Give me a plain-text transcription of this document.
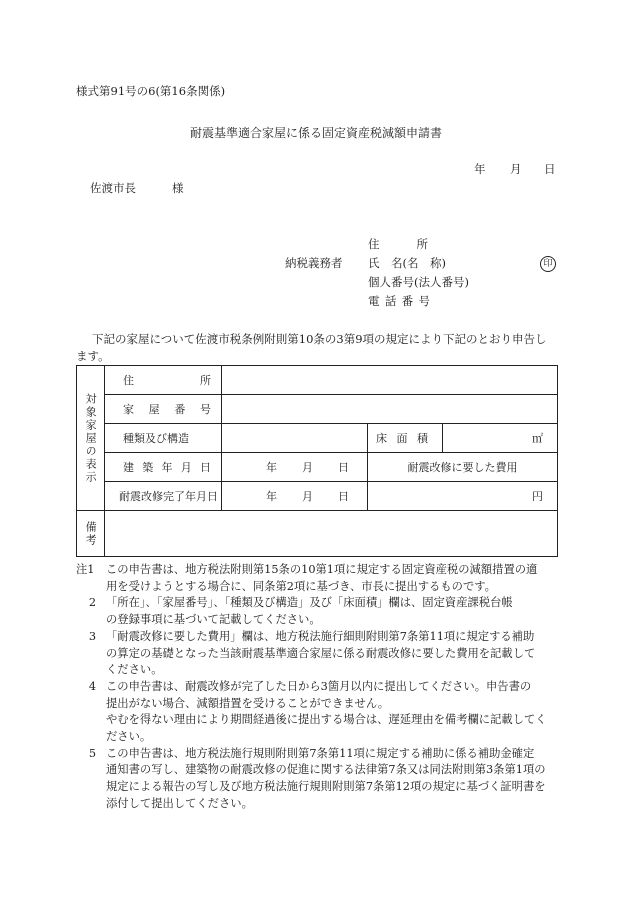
様式第91号の6(第16条関係)
耐震基準適合家屋に係る固定資産税減額申請書
年 月 日
佐渡市長	様
納税義務者
住	所
氏　名(名　称)	印
個人番号(法人番号)
電 話 番 号
下記の家屋について佐渡市税条例附則第10条の3第9項の規定により下記のとおり申告し
ます。
対象家屋の表示	住 所			

	家 屋 番 号			

	種類及び構造		床 面 積	㎡

	建 築 年 月 日	年 月 日	耐震改修に要した費用	
	耐震改修完了年月日	年 月 日	円	

備考				

注1	この申告書は、地方税法附則第15条の10第1項に規定する固定資産税の減額措置の適

用を受けようとする場合に、同条第2項に基づき、市長に提出するものです。

2 「所在」、「家屋番号」、「種類及び構造」及び「床面積」欄は、固定資産課税台帳

の登録事項に基づいて記載してください。

3 「耐震改修に要した費用」欄は、地方税法施行細則附則第7条第11項に規定する補助

の算定の基礎となった当該耐震基準適合家屋に係る耐震改修に要した費用を記載して

ください。

4 この申告書は、耐震改修が完了した日から3箇月以内に提出してください。申告書の

提出がない場合、減額措置を受けることができません。

やむを得ない理由により期間経過後に提出する場合は、遅延理由を備考欄に記載してく

ださい。

5 この申告書は、地方税法施行規則附則第7条第11項に規定する補助に係る補助金確定

通知書の写し、建築物の耐震改修の促進に関する法律第7条又は同法附則第3条第1項の

規定による報告の写し及び地方税法施行規則附則第7条第12項の規定に基づく証明書を

添付して提出してください。
